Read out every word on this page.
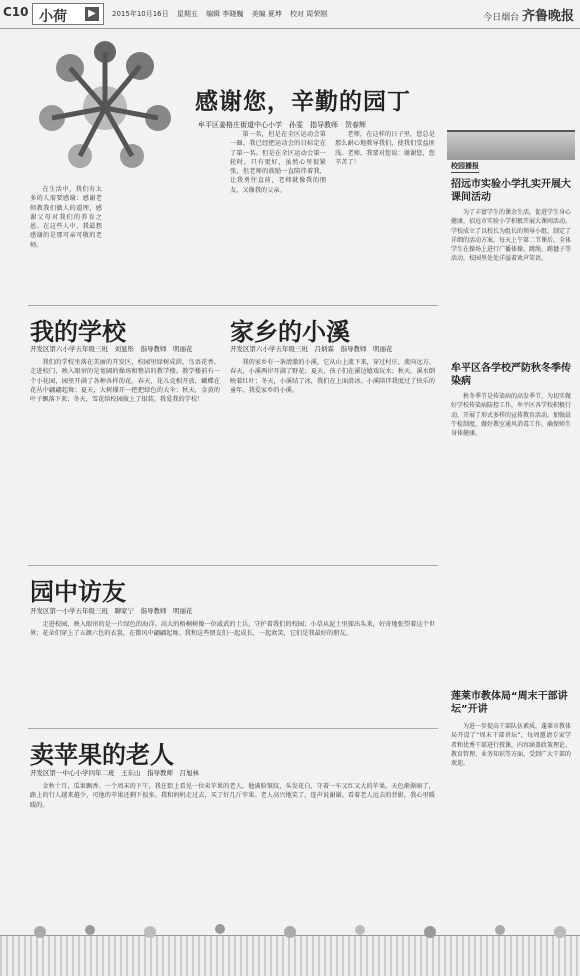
C10 小荷	▶	2015年10月16日 星期五 编辑 李晓巍 美编 夏坤 校对 周荣刚	今日烟台 齐鲁晚报
感谢您，辛勤的园丁
牟平区姜格庄街道中心小学　孙雯　指导教师　贺春辉

在生活中，我们有太多的人需要感谢：感谢老师教我们做人的道理，感谢父母对我们的养育之恩。在这些人中，我最想感谢的是那可亲可敬的老师。

第一名，但是在全区运动会第一圈，我已经把运动会的目标定在了第一名。但是在全区运动会第一轮时，只有更好，虽然心里很紧张，但老师的鼓励一直陪伴着我，让我勇往直前，老师就像我的朋友，又像我的父亲。

老师，在这样的日子里，您总是那么耐心地教导我们，使我们受益匪浅。老师，我要对您说：谢谢您，您辛苦了！

我的学校
开发区第六小学五年级三班　刘显彤　指导教师　明丽花

我们的学校坐落在美丽的开发区，校园里绿树成荫，鸟语花香。走进校门，映入眼帘的是宽阔的操场和整洁的教学楼。教学楼前有一个小花园，园里开满了各种各样的花。春天，花儿竞相开放，蝴蝶在花丛中翩翩起舞；夏天，大树撑开一把把绿色的大伞；秋天，金黄的叶子飘落下来；冬天，雪花给校园披上了银装。我爱我的学校！

家乡的小溪
开发区第六小学五年级三班　吕炳霖　指导教师　明丽花

我的家乡有一条清澈的小溪，它从山上流下来，穿过村庄，流向远方。春天，小溪两岸开满了野花；夏天，孩子们在溪边嬉戏玩水；秋天，溪水倒映着红叶；冬天，小溪结了冰，我们在上面滑冰。小溪陪伴我度过了快乐的童年，我爱家乡的小溪。

园中访友
开发区第一小学五年级三班　聊家宁　指导教师　明丽花

走进校园，映入眼帘的是一片绿色的海洋。高大的梧桐树像一位威武的士兵，守护着我们的校园；小草从泥土里探出头来，好奇地张望着这个世界；花朵们穿上了五颜六色的衣裳，在微风中翩翩起舞。我和这些朋友们一起成长，一起欢笑，它们是我最好的朋友。

卖苹果的老人
开发区第一中心小学四年二班　王东山　指导教师　吕旭林

金秋十月，瓜果飘香。一个周末的下午，我在街上看见一位卖苹果的老人，他满脸皱纹，头发花白，守着一车又红又大的苹果。天色渐渐暗了，路上的行人越来越少，可他的苹果还剩下很多。我和妈妈走过去，买了好几斤苹果。老人高兴地笑了，连声说谢谢。看着老人远去的背影，我心里暖暖的。

校园播报
招远市实验小学扎实开展大课间活动

为了丰富学生的课余生活，促进学生身心健康，招远市实验小学积极开展大课间活动。学校成立了以校长为组长的领导小组，制定了详细的活动方案。每天上午第二节课后，全体学生在操场上进行广播体操、跳绳、踢毽子等活动，校园里处处洋溢着欢声笑语。

牟平区各学校严防秋冬季传染病

秋冬季节是传染病的高发季节，为切实做好学校传染病防控工作，牟平区各学校积极行动，开展了形式多样的宣传教育活动，加强晨午检制度，做好教室通风消毒工作，确保师生身体健康。

莲莱市教体局“周末干部讲坛”开讲

为进一步提高干部队伍素质，蓬莱市教体局开设了“周末干部讲坛”，每周邀请专家学者和优秀干部进行授课，内容涵盖政策理论、教育管理、业务知识等方面，受到广大干部的欢迎。
